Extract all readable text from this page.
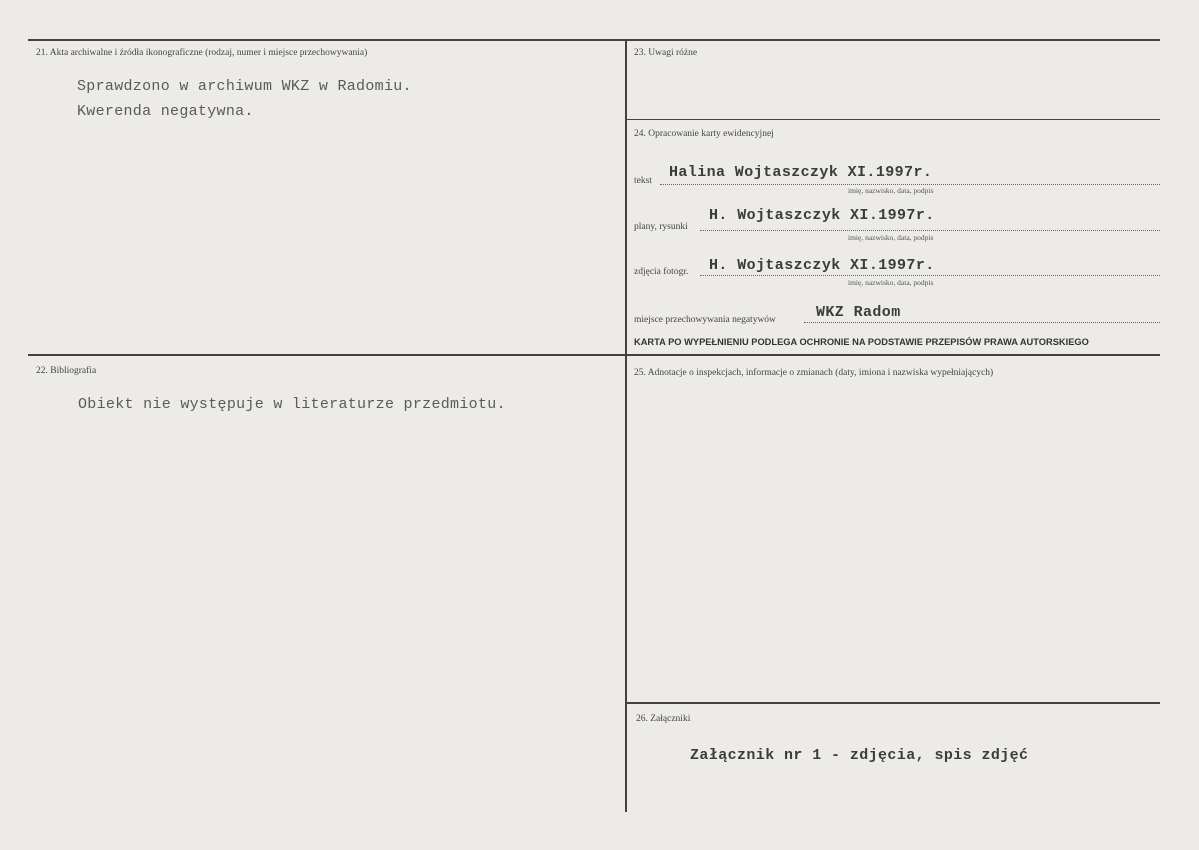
21. Akta archiwalne i źródła ikonograficzne (rodzaj, numer i miejsce przechowywania)
Sprawdzono w archiwum WKZ w Radomiu.
Kwerenda negatywna.
22. Bibliografia
Obiekt nie występuje w literaturze przedmiotu.
23. Uwagi różne
24. Opracowanie karty ewidencyjnej
tekst Halina Wojtaszczyk XI.1997r.
imię, nazwisko, data, podpis
plany, rysunki
H. Wojtaszczyk XI.1997r.
imię, nazwisko, data, podpis
zdjęcia fotogr. H. Wojtaszczyk XI.1997r.
imię, nazwisko, data, podpis
miejsce przechowywania negatywów	WKZ Radom
KARTA PO WYPEŁNIENIU PODLEGA OCHRONIE NA PODSTAWIE PRZEPISÓW PRAWA AUTORSKIEGO
25. Adnotacje o inspekcjach, informacje o zmianach (daty, imiona i nazwiska wypełniających)
26. Załączniki
Załącznik nr 1 - zdjęcia, spis zdjęć
